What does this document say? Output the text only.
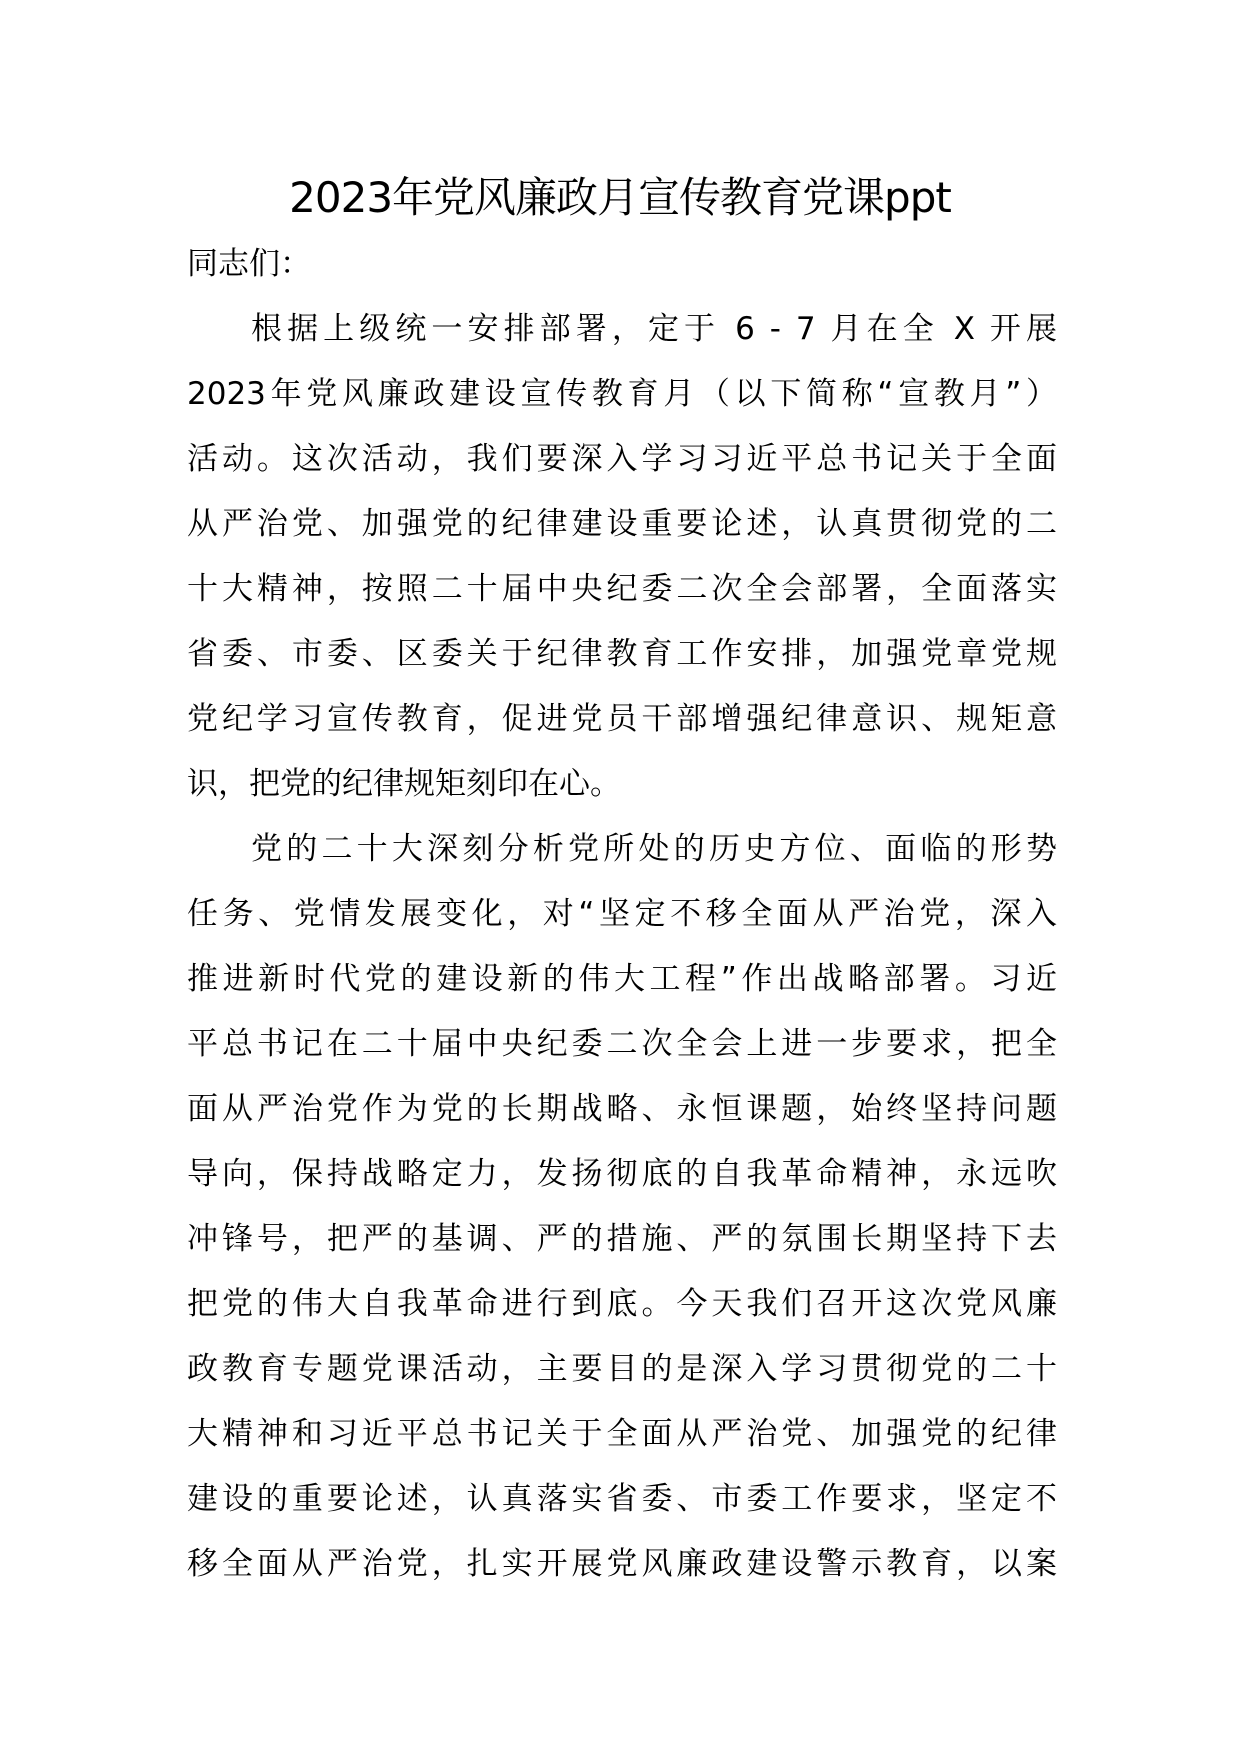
2023年党风廉政月宣传教育党课ppt
同志们：
根据上级统一安排部署，定于 6 - 7 月在全 X 开展
2023年党风廉政建设宣传教育月（以下简称“宣教月”）
活动。这次活动，我们要深入学习习近平总书记关于全面
从严治党、加强党的纪律建设重要论述，认真贯彻党的二
十大精神，按照二十届中央纪委二次全会部署，全面落实
省委、市委、区委关于纪律教育工作安排，加强党章党规
党纪学习宣传教育，促进党员干部增强纪律意识、规矩意
识，把党的纪律规矩刻印在心。
党的二十大深刻分析党所处的历史方位、面临的形势
任务、党情发展变化，对“坚定不移全面从严治党，深入
推进新时代党的建设新的伟大工程”作出战略部署。习近
平总书记在二十届中央纪委二次全会上进一步要求，把全
面从严治党作为党的长期战略、永恒课题，始终坚持问题
导向，保持战略定力，发扬彻底的自我革命精神，永远吹
冲锋号，把严的基调、严的措施、严的氛围长期坚持下去
把党的伟大自我革命进行到底。今天我们召开这次党风廉
政教育专题党课活动，主要目的是深入学习贯彻党的二十
大精神和习近平总书记关于全面从严治党、加强党的纪律
建设的重要论述，认真落实省委、市委工作要求，坚定不
移全面从严治党，扎实开展党风廉政建设警示教育，以案
